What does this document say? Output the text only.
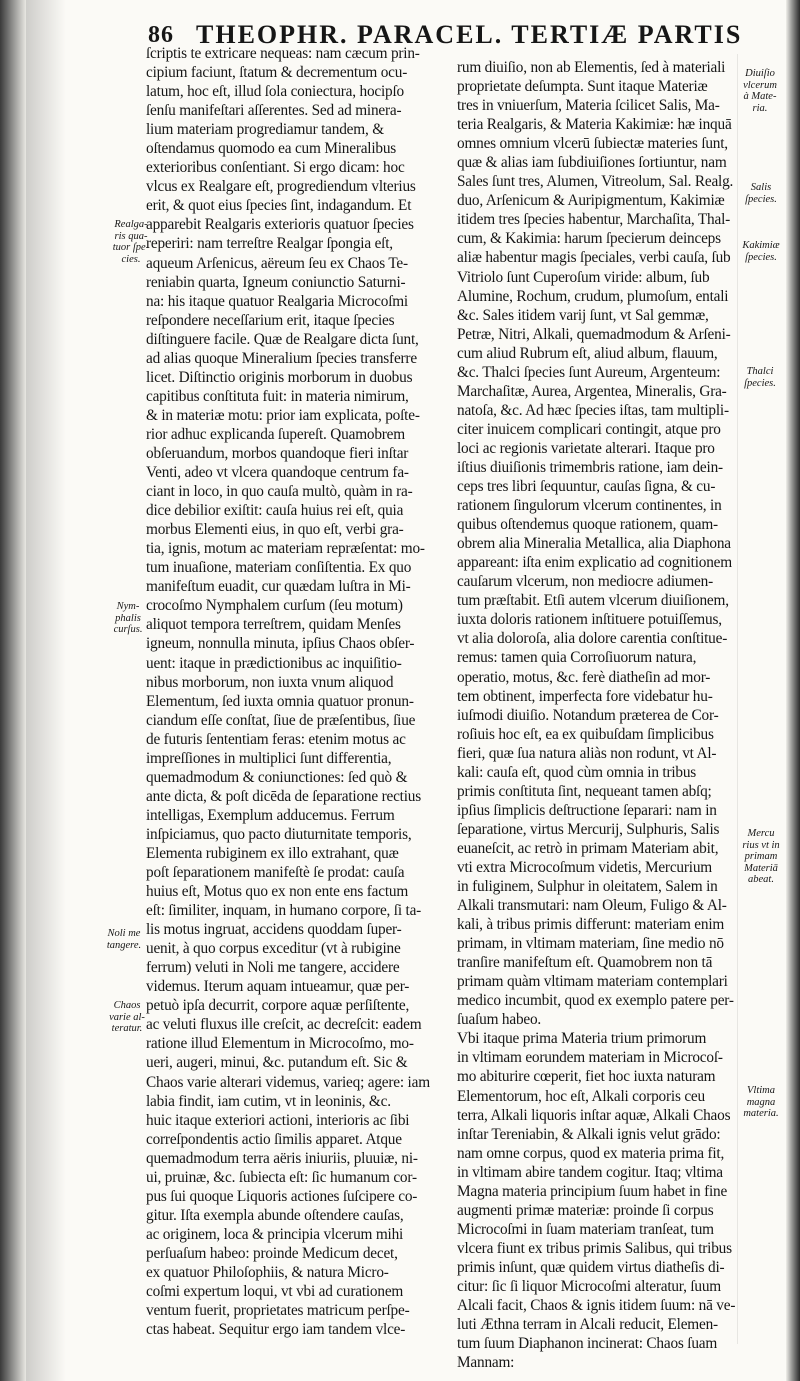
86 THEOPHR. PARACEL. TERTIÆ PARTIS
ſcriptis te extricare nequeas: nam cæcum prin-
cipium faciunt, ſtatum & decrementum ocu-
latum, hoc eſt, illud ſola coniectura, hocipſo
ſenſu manifeſtari aſſerentes. Sed ad minera-
lium materiam progrediamur tandem, &
oſtendamus quomodo ea cum Mineralibus
exterioribus conſentiant. Si ergo dicam: hoc
vlcus ex Realgare eſt, progrediendum vlterius
erit, & quot eius ſpecies ſint, indagandum. Et
apparebit Realgaris exterioris quatuor ſpecies
reperiri: nam terreſtre Realgar ſpongia eſt,
aqueum Arſenicus, aëreum ſeu ex Chaos Te-
reniabin quarta, Igneum coniunctio Saturni-
na: his itaque quatuor Realgaria Microcoſmi
reſpondere neceſſarium erit, itaque ſpecies
diſtinguere facile. Quæ de Realgare dicta ſunt,
ad alias quoque Mineralium ſpecies transferre
licet. Diſtinctio originis morborum in duobus
capitibus conſtituta fuit: in materia nimirum,
& in materiæ motu: prior iam explicata, poſte-
rior adhuc explicanda ſupereſt. Quamobrem
obſeruandum, morbos quandoque fieri inſtar
Venti, adeo vt vlcera quandoque centrum fa-
ciant in loco, in quo cauſa multò, quàm in ra-
dice debilior exiſtit: cauſa huius rei eſt, quia
morbus Elementi eius, in quo eſt, verbi gra-
tia, ignis, motum ac materiam repræſentat: mo-
tum inuaſione, materiam conſiſtentia. Ex quo
manifeſtum euadit, cur quædam luſtra in Mi-
crocoſmo Nymphalem curſum (ſeu motum)
aliquot tempora terreſtrem, quidam Menſes
igneum, nonnulla minuta, ipſius Chaos obſer-
uent: itaque in prædictionibus ac inquiſitio-
nibus morborum, non iuxta vnum aliquod
Elementum, ſed iuxta omnia quatuor pronun-
ciandum eſſe conſtat, ſiue de præſentibus, ſiue
de futuris ſententiam feras: etenim motus ac
impreſſiones in multiplici ſunt differentia,
quemadmodum & coniunctiones: ſed quò &
ante dicta, & poſt dicēda de ſeparatione rectius
intelligas, Exemplum adducemus. Ferrum
inſpiciamus, quo pacto diuturnitate temporis,
Elementa rubiginem ex illo extrahant, quæ
poſt ſeparationem manifeſtè ſe prodat: cauſa
huius eſt, Motus quo ex non ente ens factum
eſt: ſimiliter, inquam, in humano corpore, ſi ta-
lis motus ingruat, accidens quoddam ſuper-
uenit, à quo corpus exceditur (vt à rubigine
ferrum) veluti in Noli me tangere, accidere
videmus. Iterum aquam intueamur, quæ per-
petuò ipſa decurrit, corpore aquæ perſiſtente,
ac veluti fluxus ille creſcit, ac decreſcit: eadem
ratione illud Elementum in Microcoſmo, mo-
ueri, augeri, minui, &c. putandum eſt. Sic &
Chaos varie alterari videmus, varieq; agere: iam
labia findit, iam cutim, vt in leoninis, &c.
huic itaque exteriori actioni, interioris ac ſibi
correſpondentis actio ſimilis apparet. Atque
quemadmodum terra aëris iniuriis, pluuiæ, ni-
ui, pruinæ, &c. ſubiecta eſt: ſic humanum cor-
pus ſui quoque Liquoris actiones ſuſcipere co-
gitur. Iſta exempla abunde oſtendere cauſas,
ac originem, loca & principia vlcerum mihi
perſuaſum habeo: proinde Medicum decet,
ex quatuor Philoſophiis, & natura Micro-
coſmi expertum loqui, vt vbi ad curationem
ventum fuerit, proprietates matricum perſpe-
ctas habeat. Sequitur ergo iam tandem vlce-
rum diuiſio, non ab Elementis, ſed à materiali
proprietate deſumpta. Sunt itaque Materiæ
tres in vniuerſum, Materia ſcilicet Salis, Ma-
teria Realgaris, & Materia Kakimiæ: hæ inquā
omnes omnium vlcerū ſubiectæ materies ſunt,
quæ & alias iam ſubdiuiſiones ſortiuntur, nam
Sales ſunt tres, Alumen, Vitreolum, Sal. Realg.
duo, Arſenicum & Auripigmentum, Kakimiæ
itidem tres ſpecies habentur, Marchaſita, Thal-
cum, & Kakimia: harum ſpecierum deinceps
aliæ habentur magis ſpeciales, verbi cauſa, ſub
Vitriolo ſunt Cuperoſum viride: album, ſub
Alumine, Rochum, crudum, plumoſum, entali
&c. Sales itidem varij ſunt, vt Sal gemmæ,
Petræ, Nitri, Alkali, quemadmodum & Arſeni-
cum aliud Rubrum eſt, aliud album, flauum,
&c. Thalci ſpecies ſunt Aureum, Argenteum:
Marchaſitæ, Aurea, Argentea, Mineralis, Gra-
natoſa, &c. Ad hæc ſpecies iſtas, tam multipli-
citer inuicem complicari contingit, atque pro
loci ac regionis varietate alterari. Itaque pro
iſtius diuiſionis trimembris ratione, iam dein-
ceps tres libri ſequuntur, cauſas ſigna, & cu-
rationem ſingulorum vlcerum continentes, in
quibus oſtendemus quoque rationem, quam-
obrem alia Mineralia Metallica, alia Diaphona
appareant: iſta enim explicatio ad cognitionem
cauſarum vlcerum, non mediocre adiumen-
tum præſtabit. Etſi autem vlcerum diuiſionem,
iuxta doloris rationem inſtituere potuiſſemus,
vt alia doloroſa, alia dolore carentia conſtitue-
remus: tamen quia Corroſiuorum natura,
operatio, motus, &c. ferè diatheſin ad mor-
tem obtinent, imperfecta fore videbatur hu-
iuſmodi diuiſio. Notandum præterea de Cor-
roſiuis hoc eſt, ea ex quibuſdam ſimplicibus
fieri, quæ ſua natura aliàs non rodunt, vt Al-
kali: cauſa eſt, quod cùm omnia in tribus
primis conſtituta ſint, nequeant tamen abſq;
ipſius ſimplicis deſtructione ſeparari: nam in
ſeparatione, virtus Mercurij, Sulphuris, Salis
euaneſcit, ac retrò in primam Materiam abit,
vti extra Microcoſmum videtis, Mercurium
in fuliginem, Sulphur in oleitatem, Salem in
Alkali transmutari: nam Oleum, Fuligo & Al-
kali, à tribus primis differunt: materiam enim
primam, in vltimam materiam, ſine medio nō
tranſire manifeſtum eſt. Quamobrem non tā
primam quàm vltimam materiam contemplari
medico incumbit, quod ex exemplo patere per-
ſuaſum habeo.
Vbi itaque prima Materia trium primorum
in vltimam eorundem materiam in Microcoſ-
mo abiturire cœperit, fiet hoc iuxta naturam
Elementorum, hoc eſt, Alkali corporis ceu
terra, Alkali liquoris inſtar aquæ, Alkali Chaos
inſtar Tereniabin, & Alkali ignis velut grādo:
nam omne corpus, quod ex materia prima fit,
in vltimam abire tandem cogitur. Itaq; vltima
Magna materia principium ſuum habet in fine
augmenti primæ materiæ: proinde ſi corpus
Microcoſmi in ſuam materiam tranſeat, tum
vlcera fiunt ex tribus primis Salibus, qui tribus
primis inſunt, quæ quidem virtus diatheſis di-
citur: ſic ſi liquor Microcoſmi alteratur, ſuum
Alcali facit, Chaos & ignis itidem ſuum: nā ve-
luti Æthna terram in Alcali reducit, Elemen-
tum ſuum Diaphanon incinerat: Chaos ſuam
Mannam:
Realga-
ris qua-
tuor ſpe-
cies.
Nym-
phalis
curſus.
Noli me
tangere.
Chaos
varie al-
teratur.
Diuiſio
vlcerum
à Mate-
ria.
Salis
ſpecies.
Kakimiæ
ſpecies.
Thalci
ſpecies.
Mercu
rius vt in
primam
Materiā
abeat.
Vltima
magna
materia.
